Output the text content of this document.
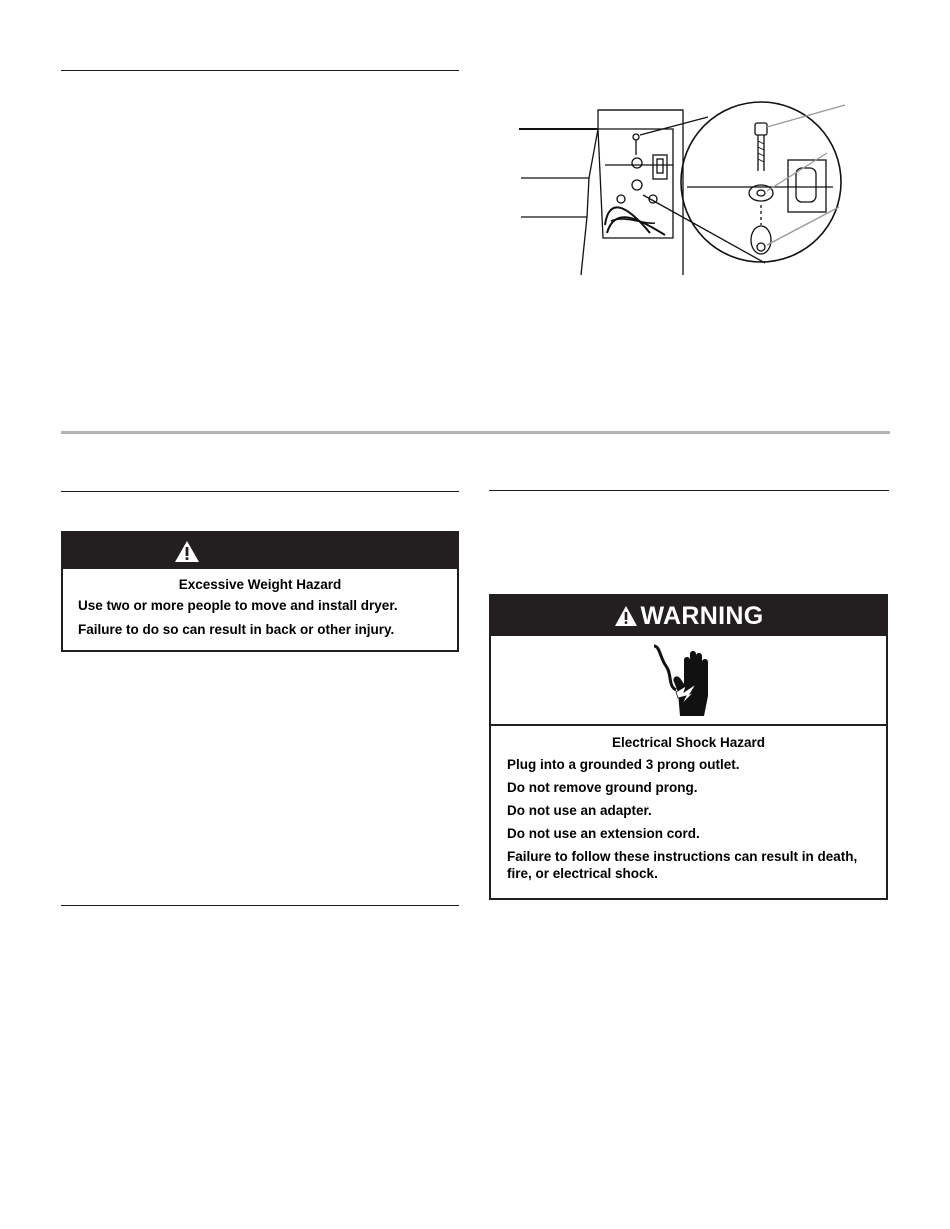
Excessive Weight Hazard
Use two or more people to move and install dryer.
Failure to do so can result in back or other injury.	WARNING
Electrical Shock Hazard
Plug into a grounded 3 prong outlet.
Do not remove ground prong.
Do not use an adapter.
Do not use an extension cord.
Failure to follow these instructions can result in death,
fire, or electrical shock.
